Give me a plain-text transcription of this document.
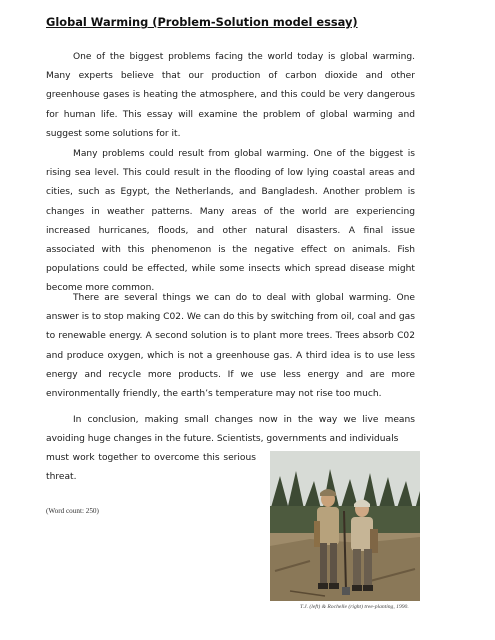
Global Warming (Problem-Solution model essay)

One of the biggest problems facing the world today is global warming. Many experts believe that our production of carbon dioxide and other greenhouse gases is heating the atmosphere, and this could be very dangerous for human life. This essay will examine the problem of global warming and suggest some solutions for it.

Many problems could result from global warming. One of the biggest is rising sea level. This could result in the flooding of low lying coastal areas and cities, such as Egypt, the Netherlands, and Bangladesh. Another problem is changes in weather patterns. Many areas of the world are experiencing increased hurricanes, floods, and other natural disasters. A final issue associated with this phenomenon is the negative effect on animals. Fish populations could be effected, while some insects which spread disease might become more common.

There are several things we can do to deal with global warming. One answer is to stop making C02. We can do this by switching from oil, coal and gas to renewable energy. A second solution is to plant more trees. Trees absorb C02 and produce oxygen, which is not a greenhouse gas. A third idea is to use less energy and recycle more products. If we use less energy and are more environmentally friendly, the earth’s temperature may not rise too much.

In conclusion, making small changes now in the way we live means avoiding huge changes in the future. Scientists, governments and individuals

must work together to overcome this serious threat.

(Word count: 250)

T.J. (left) & Rochelle (right) tree-planting, 1990.
